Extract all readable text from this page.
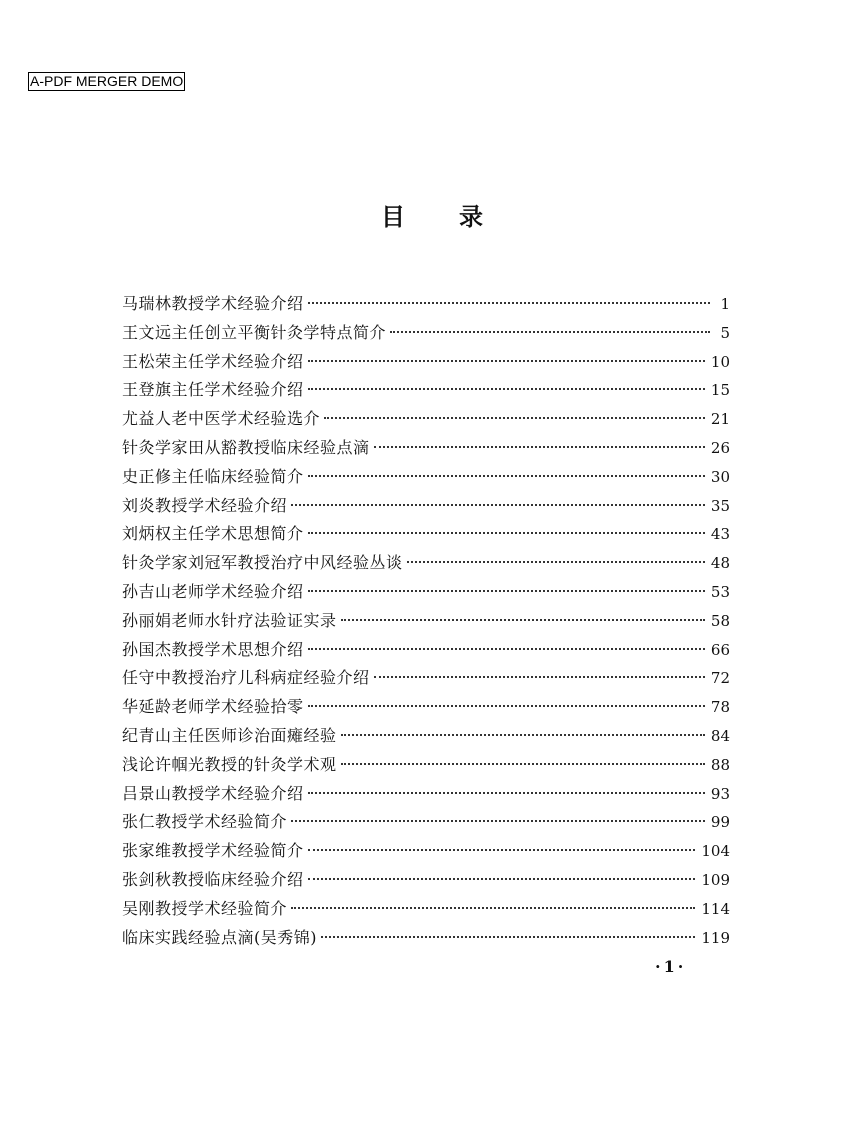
A-PDF MERGER DEMO
目 录
马瑞林教授学术经验介绍	1
王文远主任创立平衡针灸学特点简介	5
王松荣主任学术经验介绍	10
王登旗主任学术经验介绍	15
尤益人老中医学术经验选介	21
针灸学家田从豁教授临床经验点滴	26
史正修主任临床经验简介	30
刘炎教授学术经验介绍	35
刘炳权主任学术思想简介	43
针灸学家刘冠军教授治疗中风经验丛谈	48
孙吉山老师学术经验介绍	53
孙丽娟老师水针疗法验证实录	58
孙国杰教授学术思想介绍	66
任守中教授治疗儿科病症经验介绍	72
华延龄老师学术经验拾零	78
纪青山主任医师诊治面瘫经验	84
浅论许帼光教授的针灸学术观	88
吕景山教授学术经验介绍	93
张仁教授学术经验简介	99
张家维教授学术经验简介	104
张剑秋教授临床经验介绍	109
吴刚教授学术经验简介	114
临床实践经验点滴(吴秀锦)	119
·1·
